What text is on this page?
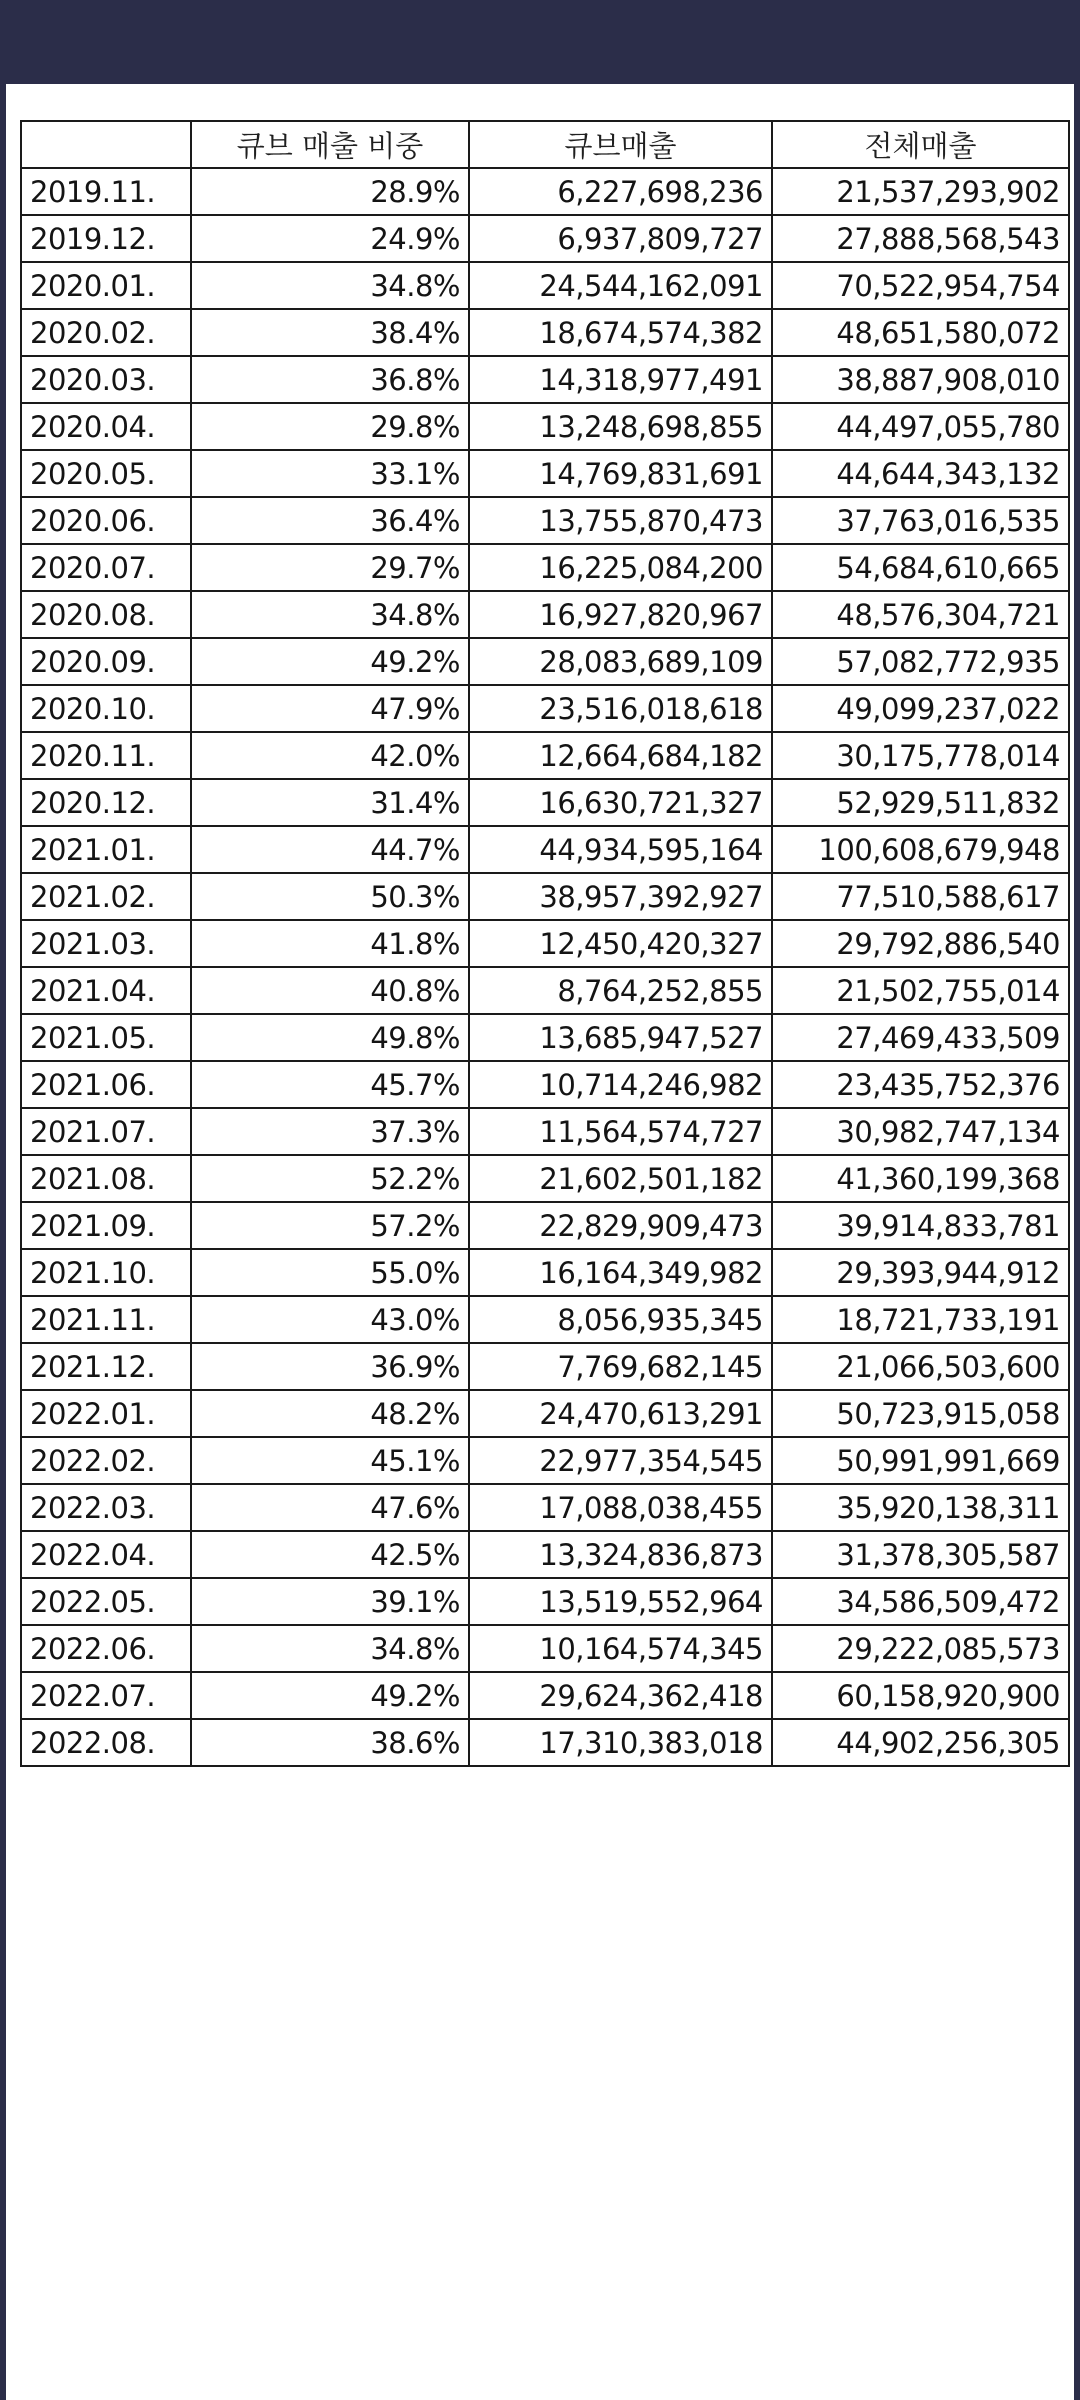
	큐브 매출 비중	큐브매출	전체매출
2019.11.	28.9%	6,227,698,236	21,537,293,902
2019.12.	24.9%	6,937,809,727	27,888,568,543
2020.01.	34.8%	24,544,162,091	70,522,954,754
2020.02.	38.4%	18,674,574,382	48,651,580,072
2020.03.	36.8%	14,318,977,491	38,887,908,010
2020.04.	29.8%	13,248,698,855	44,497,055,780
2020.05.	33.1%	14,769,831,691	44,644,343,132
2020.06.	36.4%	13,755,870,473	37,763,016,535
2020.07.	29.7%	16,225,084,200	54,684,610,665
2020.08.	34.8%	16,927,820,967	48,576,304,721
2020.09.	49.2%	28,083,689,109	57,082,772,935
2020.10.	47.9%	23,516,018,618	49,099,237,022
2020.11.	42.0%	12,664,684,182	30,175,778,014
2020.12.	31.4%	16,630,721,327	52,929,511,832
2021.01.	44.7%	44,934,595,164	100,608,679,948
2021.02.	50.3%	38,957,392,927	77,510,588,617
2021.03.	41.8%	12,450,420,327	29,792,886,540
2021.04.	40.8%	8,764,252,855	21,502,755,014
2021.05.	49.8%	13,685,947,527	27,469,433,509
2021.06.	45.7%	10,714,246,982	23,435,752,376
2021.07.	37.3%	11,564,574,727	30,982,747,134
2021.08.	52.2%	21,602,501,182	41,360,199,368
2021.09.	57.2%	22,829,909,473	39,914,833,781
2021.10.	55.0%	16,164,349,982	29,393,944,912
2021.11.	43.0%	8,056,935,345	18,721,733,191
2021.12.	36.9%	7,769,682,145	21,066,503,600
2022.01.	48.2%	24,470,613,291	50,723,915,058
2022.02.	45.1%	22,977,354,545	50,991,991,669
2022.03.	47.6%	17,088,038,455	35,920,138,311
2022.04.	42.5%	13,324,836,873	31,378,305,587
2022.05.	39.1%	13,519,552,964	34,586,509,472
2022.06.	34.8%	10,164,574,345	29,222,085,573
2022.07.	49.2%	29,624,362,418	60,158,920,900
2022.08.	38.6%	17,310,383,018	44,902,256,305
